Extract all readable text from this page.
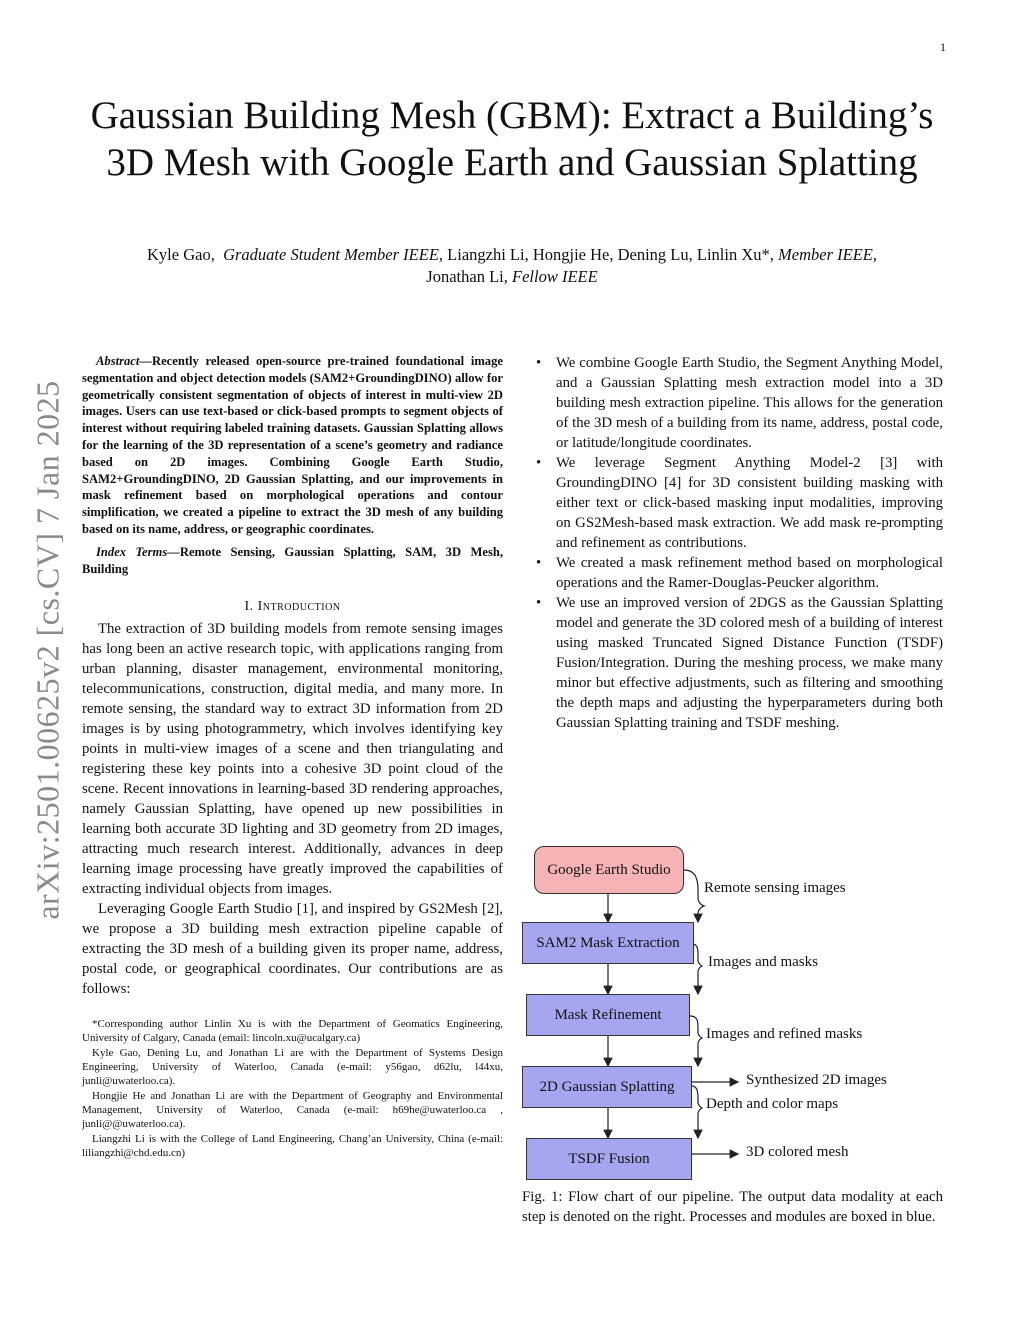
1
arXiv:2501.00625v2 [cs.CV] 7 Jan 2025
Gaussian Building Mesh (GBM): Extract a Building’s 3D Mesh with Google Earth and Gaussian Splatting
Kyle Gao, Graduate Student Member IEEE, Liangzhi Li, Hongjie He, Dening Lu, Linlin Xu*, Member IEEE,
Jonathan Li, Fellow IEEE
Abstract—Recently released open-source pre-trained foundational image segmentation and object detection models (SAM2+GroundingDINO) allow for geometrically consistent segmentation of objects of interest in multi-view 2D images. Users can use text-based or click-based prompts to segment objects of interest without requiring labeled training datasets. Gaussian Splatting allows for the learning of the 3D representation of a scene’s geometry and radiance based on 2D images. Combining Google Earth Studio, SAM2+GroundingDINO, 2D Gaussian Splatting, and our improvements in mask refinement based on morphological operations and contour simplification, we created a pipeline to extract the 3D mesh of any building based on its name, address, or geographic coordinates.
Index Terms—Remote Sensing, Gaussian Splatting, SAM, 3D Mesh, Building
I. Introduction

The extraction of 3D building models from remote sensing images has long been an active research topic, with applications ranging from urban planning, disaster management, environmental monitoring, telecommunications, construction, digital media, and many more. In remote sensing, the standard way to extract 3D information from 2D images is by using photogrammetry, which involves identifying key points in multi-view images of a scene and then triangulating and registering these key points into a cohesive 3D point cloud of the scene. Recent innovations in learning-based 3D rendering approaches, namely Gaussian Splatting, have opened up new possibilities in learning both accurate 3D lighting and 3D geometry from 2D images, attracting much research interest. Additionally, advances in deep learning image processing have greatly improved the capabilities of extracting individual objects from images.

Leveraging Google Earth Studio [1], and inspired by GS2Mesh [2], we propose a 3D building mesh extraction pipeline capable of extracting the 3D mesh of a building given its proper name, address, postal code, or geographical coordinates. Our contributions are as follows:

*Corresponding author Linlin Xu is with the Department of Geomatics Engineering, University of Calgary, Canada (email: lincoln.xu@ucalgary.ca)

Kyle Gao, Dening Lu, and Jonathan Li are with the Department of Systems Design Engineering, University of Waterloo, Canada (e-mail: y56gao, d62lu, l44xu, junli@uwaterloo.ca).

Hongjie He and Jonathan Li are with the Department of Geography and Environmental Management, University of Waterloo, Canada (e-mail: h69he@uwaterloo.ca , junli@@uwaterloo.ca).

Liangzhi Li is with the College of Land Engineering, Chang’an University, China (e-mail: liliangzhi@chd.edu.cn)

• We combine Google Earth Studio, the Segment Anything Model, and a Gaussian Splatting mesh extraction model into a 3D building mesh extraction pipeline. This allows for the generation of the 3D mesh of a building from its name, address, postal code, or latitude/longitude coordinates.
• We leverage Segment Anything Model-2 [3] with GroundingDINO [4] for 3D consistent building masking with either text or click-based masking input modalities, improving on GS2Mesh-based mask extraction. We add mask re-prompting and refinement as contributions.
• We created a mask refinement method based on morphological operations and the Ramer-Douglas-Peucker algorithm.
• We use an improved version of 2DGS as the Gaussian Splatting model and generate the 3D colored mesh of a building of interest using masked Truncated Signed Distance Function (TSDF) Fusion/Integration. During the meshing process, we make many minor but effective adjustments, such as filtering and smoothing the depth maps and adjusting the hyperparameters during both Gaussian Splatting training and TSDF meshing.
Google Earth Studio
SAM2 Mask Extraction
Mask Refinement
2D Gaussian Splatting
TSDF Fusion
Remote sensing images
Images and masks
Images and refined masks
Depth and color maps
Synthesized 2D images
3D colored mesh
Fig. 1: Flow chart of our pipeline. The output data modality at each step is denoted on the right. Processes and modules are boxed in blue.
